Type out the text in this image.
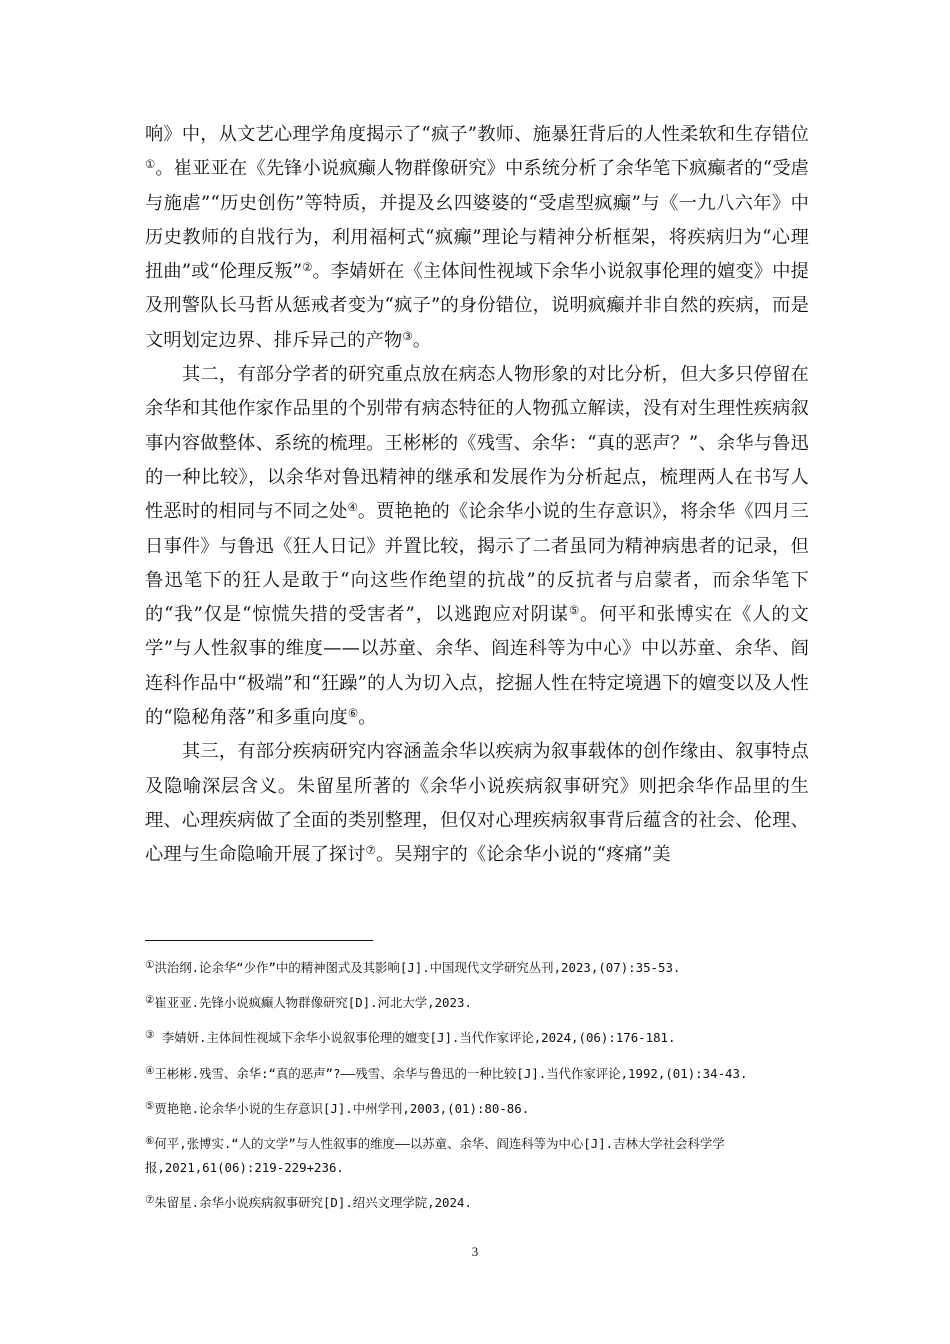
响》中，从文艺心理学角度揭示了“疯子”教师、施暴狂背后的人性柔软和生存错位①。崔亚亚在《先锋小说疯癫人物群像研究》中系统分析了余华笔下疯癫者的“受虐与施虐”“历史创伤”等特质，并提及幺四婆婆的“受虐型疯癫”与《一九八六年》中历史教师的自戕行为，利用福柯式“疯癫”理论与精神分析框架，将疾病归为“心理扭曲”或“伦理反叛”②。李婧妍在《主体间性视域下余华小说叙事伦理的嬗变》中提及刑警队长马哲从惩戒者变为“疯子”的身份错位，说明疯癫并非自然的疾病，而是文明划定边界、排斥异己的产物③。

其二，有部分学者的研究重点放在病态人物形象的对比分析，但大多只停留在余华和其他作家作品里的个别带有病态特征的人物孤立解读，没有对生理性疾病叙事内容做整体、系统的梳理。王彬彬的《残雪、余华：“真的恶声？”、余华与鲁迅的一种比较》，以余华对鲁迅精神的继承和发展作为分析起点，梳理两人在书写人性恶时的相同与不同之处④。贾艳艳的《论余华小说的生存意识》，将余华《四月三日事件》与鲁迅《狂人日记》并置比较，揭示了二者虽同为精神病患者的记录，但鲁迅笔下的狂人是敢于“向这些作绝望的抗战”的反抗者与启蒙者，而余华笔下的“我”仅是“惊慌失措的受害者”，以逃跑应对阴谋⑤。何平和张博实在《人的文学”与人性叙事的维度——以苏童、余华、阎连科等为中心》中以苏童、余华、阎连科作品中“极端”和“狂躁”的人为切入点，挖掘人性在特定境遇下的嬗变以及人性的“隐秘角落”和多重向度⑥。

其三，有部分疾病研究内容涵盖余华以疾病为叙事载体的创作缘由、叙事特点及隐喻深层含义。朱留星所著的《余华小说疾病叙事研究》则把余华作品里的生理、心理疾病做了全面的类别整理，但仅对心理疾病叙事背后蕴含的社会、伦理、心理与生命隐喻开展了探讨⑦。吴翔宇的《论余华小说的“疼痛”美

①洪治纲.论余华“少作”中的精神图式及其影响[J].中国现代文学研究丛刊,2023,(07):35-53.

②崔亚亚.先锋小说疯癫人物群像研究[D].河北大学,2023.

③ 李婧妍.主体间性视域下余华小说叙事伦理的嬗变[J].当代作家评论,2024,(06):176-181.

④王彬彬.残雪、余华:“真的恶声”?——残雪、余华与鲁迅的一种比较[J].当代作家评论,1992,(01):34-43.

⑤贾艳艳.论余华小说的生存意识[J].中州学刊,2003,(01):80-86.

⑥何平,张博实.“人的文学”与人性叙事的维度——以苏童、余华、阎连科等为中心[J].吉林大学社会科学学报,2021,61(06):219-229+236.

⑦朱留星.余华小说疾病叙事研究[D].绍兴文理学院,2024.

3
